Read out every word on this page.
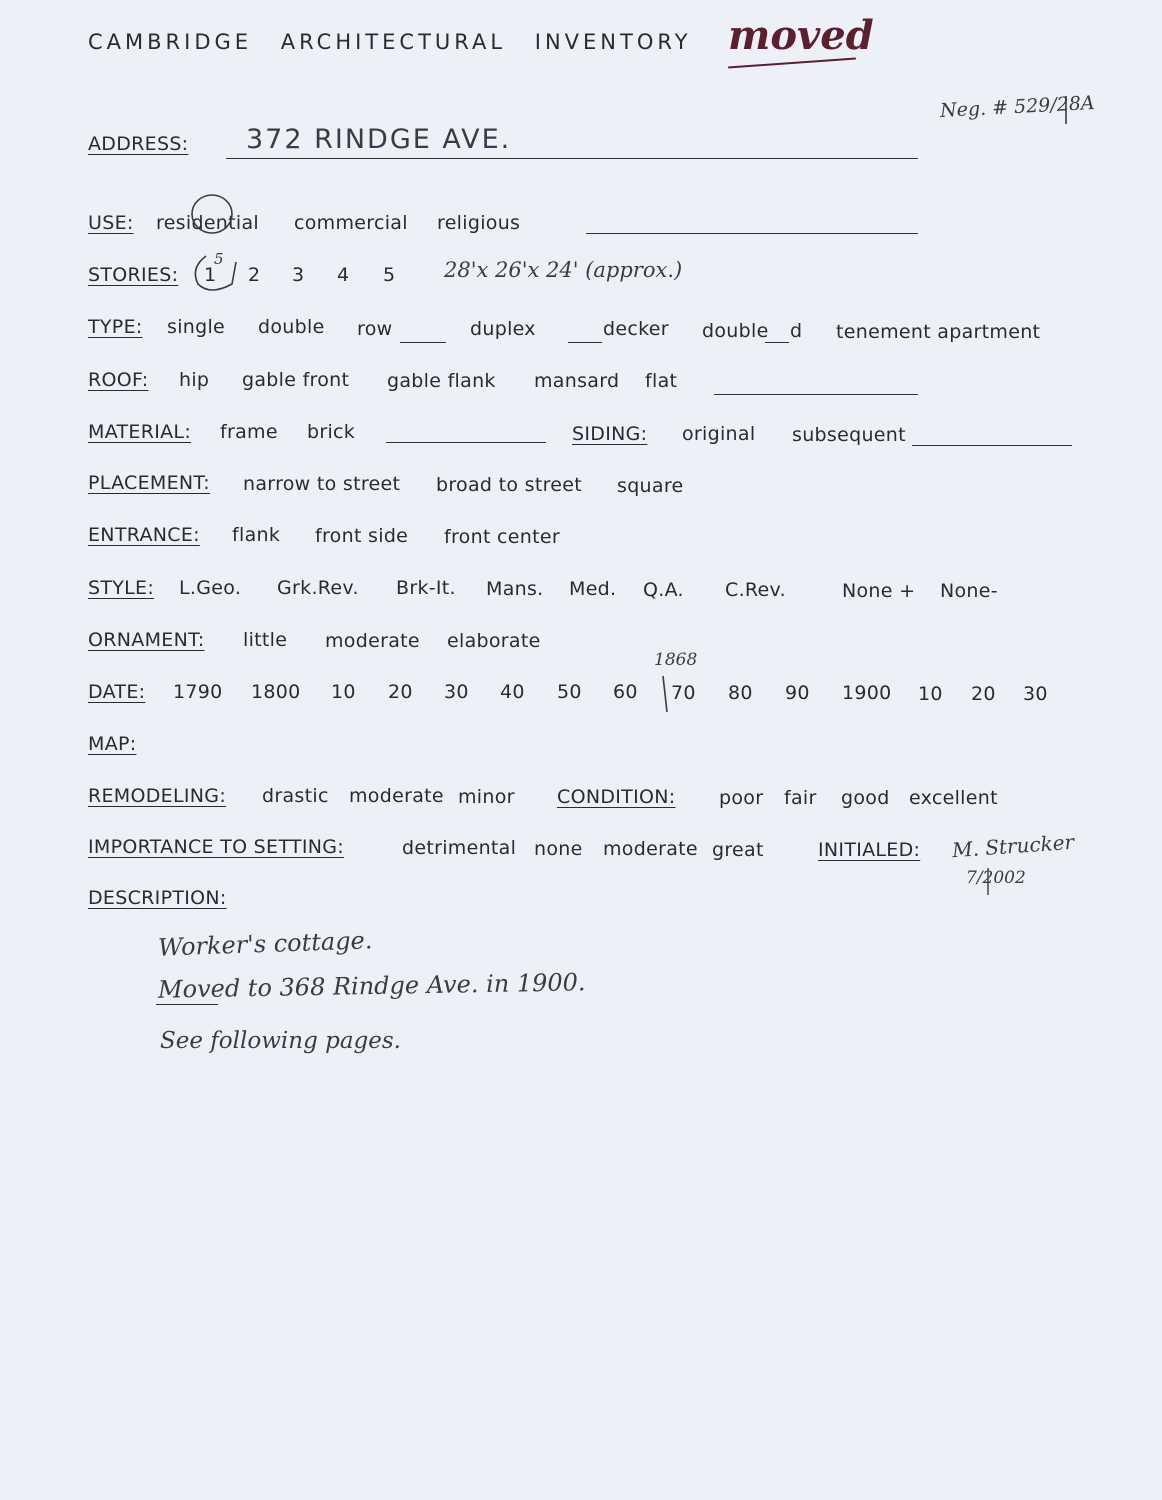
CAMBRIDGE ARCHITECTURAL INVENTORY moved
Neg. # 529/28A
ADDRESS: 372 RINDGE AVE.
USE: residential commercial religious
STORIES: 1
5
2 3 4 5 28'x 26'x 24' (approx.)
TYPE: single double row	duplex	decker double d tenement apartment
ROOF: hip gable front gable flank mansard flat
MATERIAL: frame brick	SIDING: original subsequent
PLACEMENT: narrow to street broad to street square
ENTRANCE: flank front side front center
STYLE: L.Geo. Grk.Rev. Brk-It. Mans. Med. Q.A. C.Rev.	None + None-
ORNAMENT: little moderate elaborate
DATE: 1790 1800 10 20 30 40 50 60 70 80 90 1900 10 20 30
1868
MAP:
REMODELING: drastic moderate minor CONDITION: poor fair good excellent
IMPORTANCE TO SETTING:	detrimental none moderate great	INITIALED: M. Strucker
7/2002
DESCRIPTION:
Worker's cottage.
Moved to 368 Rindge Ave. in 1900.
See following pages.
